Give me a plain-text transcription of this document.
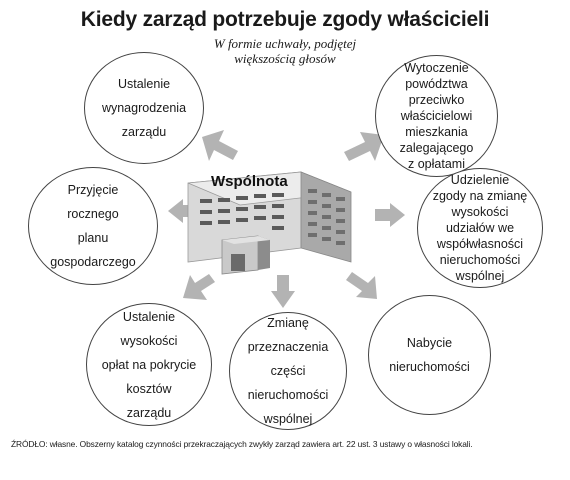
Kiedy zarząd potrzebuje zgody właścicieli
W formie uchwały, podjętej
większością głosów
Wspólnota
Ustalenie
wynagrodzenia
zarządu
Wytoczenie
powództwa
przeciwko
właścicielowi
mieszkania
zalegającego
z opłatami
Przyjęcie
rocznego
planu
gospodarczego
Udzielenie
zgody na zmianę
wysokości
udziałów we
współwłasności
nieruchomości
wspólnej
Ustalenie
wysokości
opłat na pokrycie
kosztów
zarządu
Zmianę
przeznaczenia
części
nieruchomości
wspólnej
Nabycie
nieruchomości
ŹRÓDŁO: własne. Obszerny katalog czynności przekraczających zwykły zarząd zawiera art. 22 ust. 3 ustawy o własności lokali.
